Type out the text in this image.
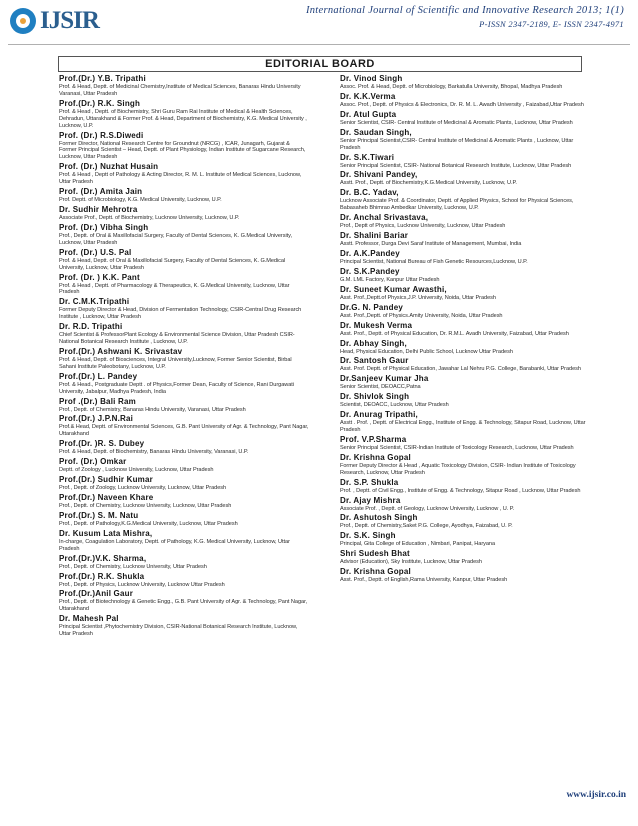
IJSIR	International Journal of Scientific and Innovative Research 2013; 1(1)
P-ISSN 2347-2189, E- ISSN 2347-4971
EDITORIAL BOARD
Prof.(Dr.) Y.B. Tripathi
Prof. & Head, Deptt. of Medicinal Chemistry,Institute of Medical Sciences, Banaras Hindu University Varanasi, Uttar Pradesh
Prof.(Dr.) R.K. Singh
Prof. & Head , Deptt. of Biochemistry, Shri Guru Ram Rai Institute of Medical & Health Sciences, Dehradun, Uttarakhand & Former Prof. & Head, Department of Biochemistry, K.G. Medical University , Lucknow, U.P.
Prof. (Dr.) R.S.Diwedi
Former Director, National Research Centre for Groundnut (NRCG) , ICAR, Junagarh, Gujarat & Former Principal Scientist – Head, Deptt. of Plant Physiology, Indian Institute of Sugarcane Research, Lucknow, Uttar Pradesh
Prof. (Dr.) Nuzhat Husain
Prof. & Head , Deptt of Pathology & Acting Director, R. M. L. Institute of Medical Sciences, Lucknow, Uttar Pradesh
Prof. (Dr.) Amita Jain
Prof. Deptt. of Microbiology, K.G. Medical University, Lucknow, U.P.
Dr. Sudhir Mehrotra
Associate Prof., Deptt. of Biochemistry, Lucknow University, Lucknow, U.P.
Prof. (Dr.) Vibha Singh
Prof., Deptt. of Oral & Maxillofacial Surgery, Faculty of Dental Sciences, K. G.Medical University, Lucknow, Uttar Pradesh
Prof. (Dr.) U.S. Pal
Prof. & Head, Deptt. of Oral & Maxillofacial Surgery, Faculty of Dental Sciences, K. G.Medical University, Lucknow, Uttar Pradesh
Prof. (Dr. ) K.K. Pant
Prof. & Head , Deptt. of Pharmacology & Therapeutics, K. G.Medical University, Lucknow, Uttar Pradesh
Dr. C.M.K.Tripathi
Former Deputy Director & Head, Division of Fermentation Technology, CSIR-Central Drug Research Institute , Lucknow, Uttar Pradesh
Dr. R.D. Tripathi
Chief Scientist & ProfessorPlant Ecology & Environmental Science Division, Uttar Pradesh CSIR-National Botanical Research Institute , Lucknow, U.P.
Prof.(Dr.) Ashwani K. Srivastav
Prof. & Head, Deptt. of Biosciences, Integral University,Lucknow, Former Senior Scientist, Birbal Sahani Institute Paleobotany, Lucknow, U.P.
Prof.(Dr.) L. Pandey
Prof. & Head., Postgraduate Deptt . of Physics,Former Dean, Faculty of Science, Rani Durgawati University, Jabalpur, Madhya Pradesh, India
Prof .(Dr.) Bali Ram
Prof., Deptt. of Chemistry, Banaras Hindu University, Varanasi, Uttar Pradesh
Prof.(Dr.) J.P.N.Rai
Prof.& Head, Deptt. of Environmental Sciences, G.B. Pant University of Agr. & Technology, Pant Nagar, Uttarakhand
Prof.(Dr. )R. S. Dubey
Prof. & Head, Deptt. of Biochemistry, Banaras Hindu University, Varanasi, U.P.
Prof. (Dr.) Omkar
Deptt. of Zoology , Lucknow University, Lucknow, Uttar Pradesh
Prof.(Dr.) Sudhir Kumar
Prof., Deptt. of Zoology, Lucknow University, Lucknow, Uttar Pradesh
Prof.(Dr.) Naveen Khare
Prof., Deptt. of Chemistry, Lucknow University, Lucknow, Uttar Pradesh
Prof.(Dr.) S. M. Natu
Prof., Deptt. of Pathology,K.G.Medical University, Lucknow, Uttar Pradesh
Dr. Kusum Lata Mishra,
In-charge, Coagulation Laboratory, Deptt. of Pathology, K.G. Medical University, Lucknow, Uttar Pradesh
Prof.(Dr.)V.K. Sharma,
Prof., Deptt. of Chemistry, Lucknow University, Uttar Pradesh
Prof.(Dr.) R.K. Shukla
Prof., Deptt. of Physics, Lucknow University, Lucknow Uttar Pradesh
Prof.(Dr.)Anil Gaur
Prof., Deptt. of Biotechnology & Genetic Engg., G.B. Pant University of Agr. & Technology, Pant Nagar, Uttarakhand
Dr. Mahesh Pal
Principal Scientist ,Phytochemistry Division, CSIR-National Botanical Research Institute, Lucknow, Uttar Pradesh
Dr. Vinod Singh
Assoc. Prof. & Head, Deptt. of Microbiology, Barkatulla University, Bhopal, Madhya Pradesh
Dr. K.K.Verma
Assoc. Prof., Deptt. of Physics & Electronics, Dr. R. M. L. Awadh University , Faizabad,Uttar Pradesh
Dr. Atul Gupta
Senior Scientist, CSIR- Central Institute of Medicinal & Aromatic Plants, Lucknow, Uttar Pradesh
Dr. Saudan Singh,
Senior Principal Scientist,CSIR- Central Institute of Medicinal & Aromatic Plants , Lucknow, Uttar Pradesh
Dr. S.K.Tiwari
Senior Principal Scientist, CSIR- National Botanical Research Institute, Lucknow, Uttar Pradesh
Dr. Shivani Pandey,
Asstt. Prof., Deptt. of Biochemistry,K.G.Medical University, Lucknow, U.P.
Dr. B.C. Yadav,
Lucknow Associate Prof. & Coordinator, Deptt. of Applied Physics, School for Physical Sciences, Babasaheb Bhimrao Ambedkar University, Lucknow, U.P.
Dr. Anchal Srivastava,
Prof., Deptt of Physics, Lucknow University, Lucknow, Uttar Pradesh
Dr. Shalini Bariar
Asstt. Professor, Durga Devi Saraf Institute of Management, Mumbai, India
Dr. A.K.Pandey
Principal Scientist, National Bureau of Fish Genetic Resources,Lucknow, U.P.
Dr. S.K.Pandey
G.M. LML Factory, Kanpur Uttar Pradesh
Dr. Suneet Kumar Awasthi,
Asst. Prof.,Deptt.of Physics,J.P. University, Noida, Uttar Pradesh
Dr.G. N. Pandey
Asst. Prof.,Deptt. of Physics.Amity University, Noida, Uttar Pradesh
Dr. Mukesh Verma
Asst. Prof., Deptt. of Physical Education, Dr. R.M.L. Avadh University, Faizabad, Uttar Pradesh
Dr. Abhay Singh,
Head, Physical Education, Delhi Public School, Lucknow Uttar Pradesh
Dr. Santosh Gaur
Asst. Prof. Deptt. of Physical Education, Jawahar Lal Nehru P.G. College, Barabanki, Uttar Pradesh
Dr.Sanjeev Kumar Jha
Senior Scientist, DEOACC,Patna
Dr. Shivlok Singh
Scientist, DEOACC, Lucknow, Uttar Pradesh
Dr. Anurag Tripathi,
Asstt . Prof. , Deptt. of Electrical Engg., Institute of Engg. & Technology, Sitapur Road, Lucknow, Uttar Pradesh
Prof. V.P.Sharma
Senior Principal Scientist, CSIR-Indian Institute of Toxicology Research, Lucknow, Uttar Pradesh
Dr. Krishna Gopal
Former Deputy Director & Head , Aquatic Toxicology Division, CSIR- Indian Institute of Toxicology Research, Lucknow, Uttar Pradesh
Dr. S.P. Shukla
Prof. , Deptt. of Civil Engg., Institute of Engg. & Technology, Sitapur Road , Lucknow, Uttar Pradesh
Dr. Ajay Mishra
Associate Prof. , Deptt. of Geology, Lucknow University, Lucknow , U. P.
Dr. Ashutosh Singh
Prof., Deptt. of Chemistry,Saket P.G. College, Ayodhya, Faizabad, U. P.
Dr. S.K. Singh
Principal, Gita College of Education , Nimbari, Panipat, Haryana
Shri Sudesh Bhat
Advisor (Education), Sky Institute, Lucknow, Uttar Pradesh
Dr. Krishna Gopal
Asst. Prof., Deptt. of English,Rama University, Kanpur, Uttar Pradesh
www.ijsir.co.in
